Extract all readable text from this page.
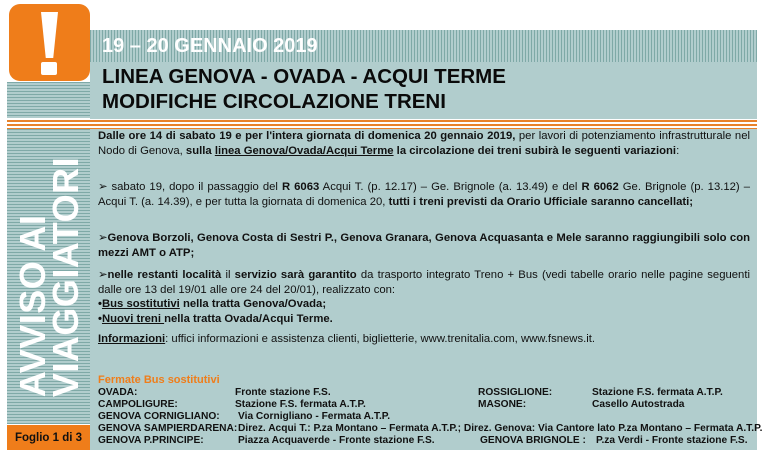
19 – 20 GENNAIO 2019
LINEA GENOVA - OVADA - ACQUI TERME
MODIFICHE CIRCOLAZIONE TRENI
AVVISO AI
VIAGGIATORI
Foglio 1 di 3
Dalle ore 14 di sabato 19 e per l'intera giornata di domenica 20 gennaio 2019, per lavori di potenziamento infrastrutturale nel Nodo di Genova, sulla linea Genova/Ovada/Acqui Terme la circolazione dei treni subirà le seguenti variazioni:
➢ sabato 19, dopo il passaggio del R 6063 Acqui T. (p. 12.17) – Ge. Brignole (a. 13.49) e del R 6062 Ge. Brignole (p. 13.12) – Acqui T. (a. 14.39), e per tutta la giornata di domenica 20, tutti i treni previsti da Orario Ufficiale saranno cancellati;
➢Genova Borzoli, Genova Costa di Sestri P., Genova Granara, Genova Acquasanta e Mele saranno raggiungibili solo con mezzi AMT o ATP;
➢nelle restanti località il servizio sarà garantito da trasporto integrato Treno + Bus (vedi tabelle orario nelle pagine seguenti dalle ore 13 del 19/01 alle ore 24 del 20/01), realizzato con:
•Bus sostitutivi nella tratta Genova/Ovada;
•Nuovi treni nella tratta Ovada/Acqui Terme.
Informazioni: uffici informazioni e assistenza clienti, biglietterie, www.trenitalia.com, www.fsnews.it.
Fermate Bus sostitutivi
OVADA:	Fronte stazione F.S.	ROSSIGLIONE:	Stazione F.S. fermata A.T.P.
CAMPOLIGURE:	Stazione F.S. fermata A.T.P.	MASONE:	Casello Autostrada
GENOVA CORNIGLIANO: Via Cornigliano - Fermata A.T.P.
GENOVA SAMPIERDARENA: Direz. Acqui T.: P.za Montano – Fermata A.T.P.; Direz. Genova: Via Cantore lato P.za Montano – Fermata A.T.P.
GENOVA P.PRINCIPE:	Piazza Acquaverde - Fronte stazione F.S.	GENOVA BRIGNOLE : P.za Verdi - Fronte stazione F.S.
